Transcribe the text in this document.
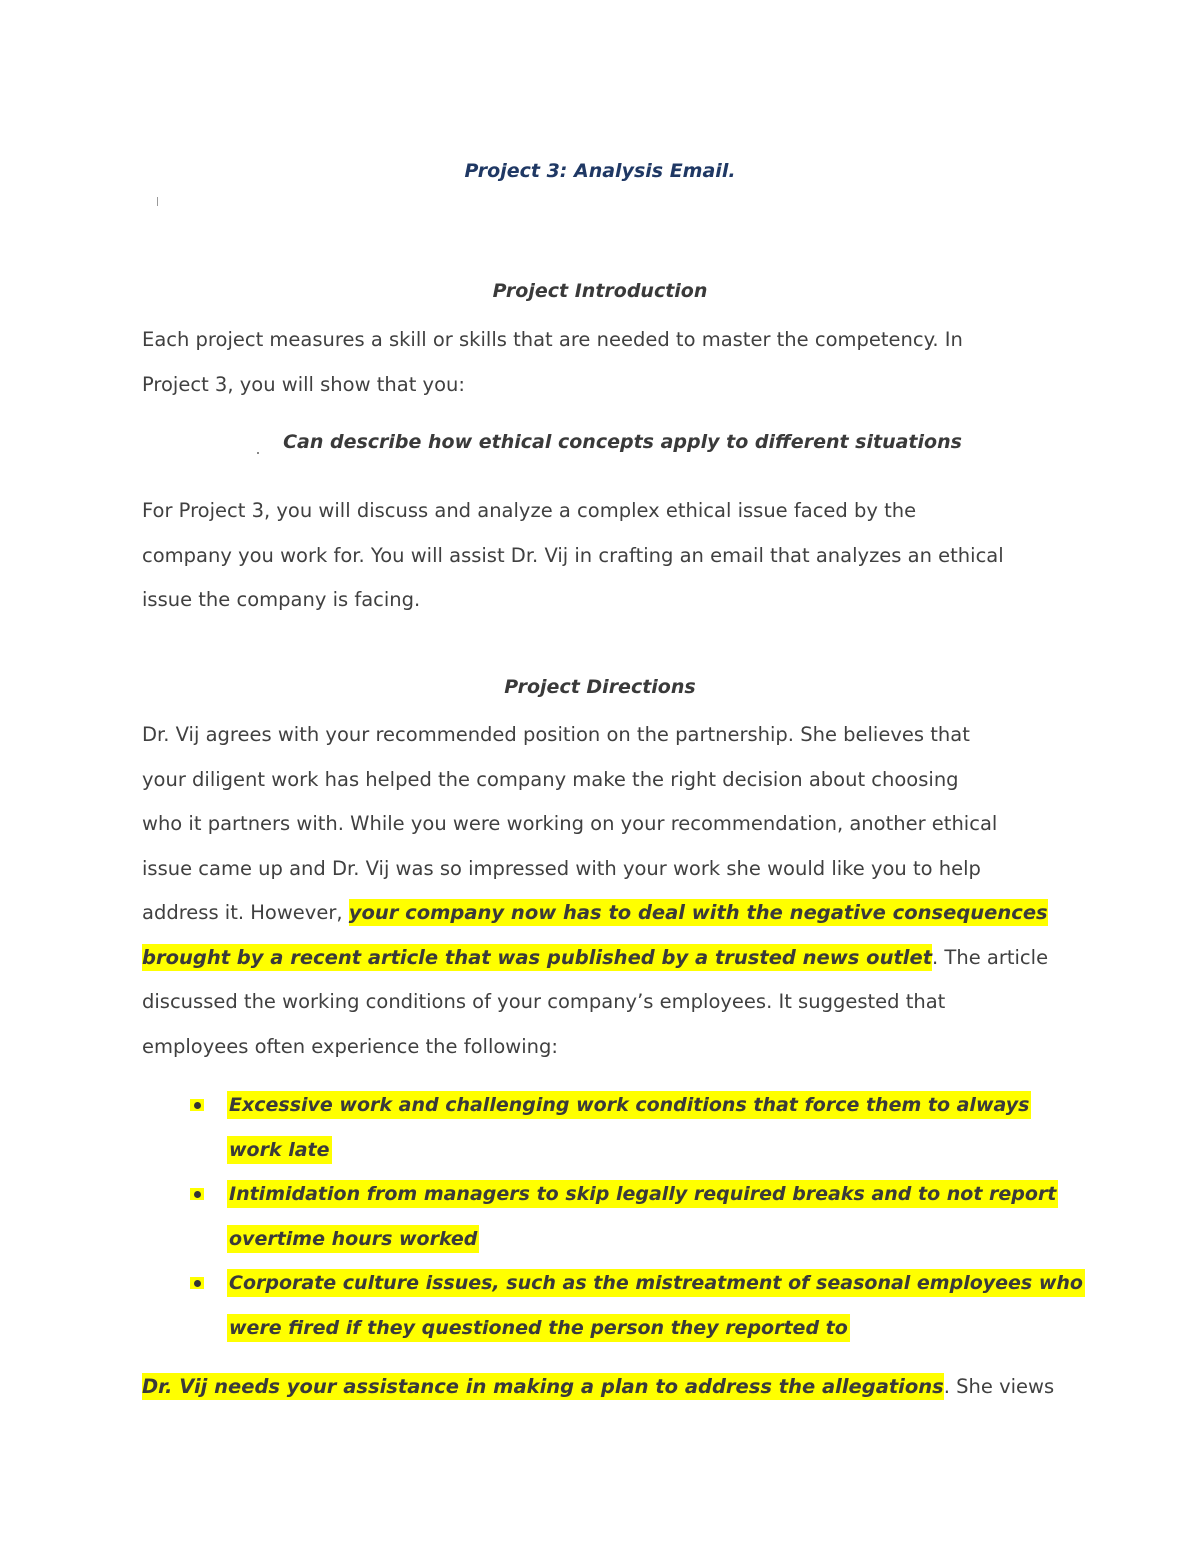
Project 3: Analysis Email.
Project Introduction

Each project measures a skill or skills that are needed to master the competency. In
Project 3, you will show that you:

Can describe how ethical concepts apply to different situations

For Project 3, you will discuss and analyze a complex ethical issue faced by the
company you work for. You will assist Dr. Vij in crafting an email that analyzes an ethical
issue the company is facing.

Project Directions

Dr. Vij agrees with your recommended position on the partnership. She believes that
your diligent work has helped the company make the right decision about choosing
who it partners with. While you were working on your recommendation, another ethical
issue came up and Dr. Vij was so impressed with your work she would like you to help
address it. However, your company now has to deal with the negative consequences
brought by a recent article that was published by a trusted news outlet. The article
discussed the working conditions of your company’s employees. It suggested that
employees often experience the following:

Excessive work and challenging work conditions that force them to always
work late
Intimidation from managers to skip legally required breaks and to not report
overtime hours worked
Corporate culture issues, such as the mistreatment of seasonal employees who
were fired if they questioned the person they reported to

Dr. Vij needs your assistance in making a plan to address the allegations. She views
